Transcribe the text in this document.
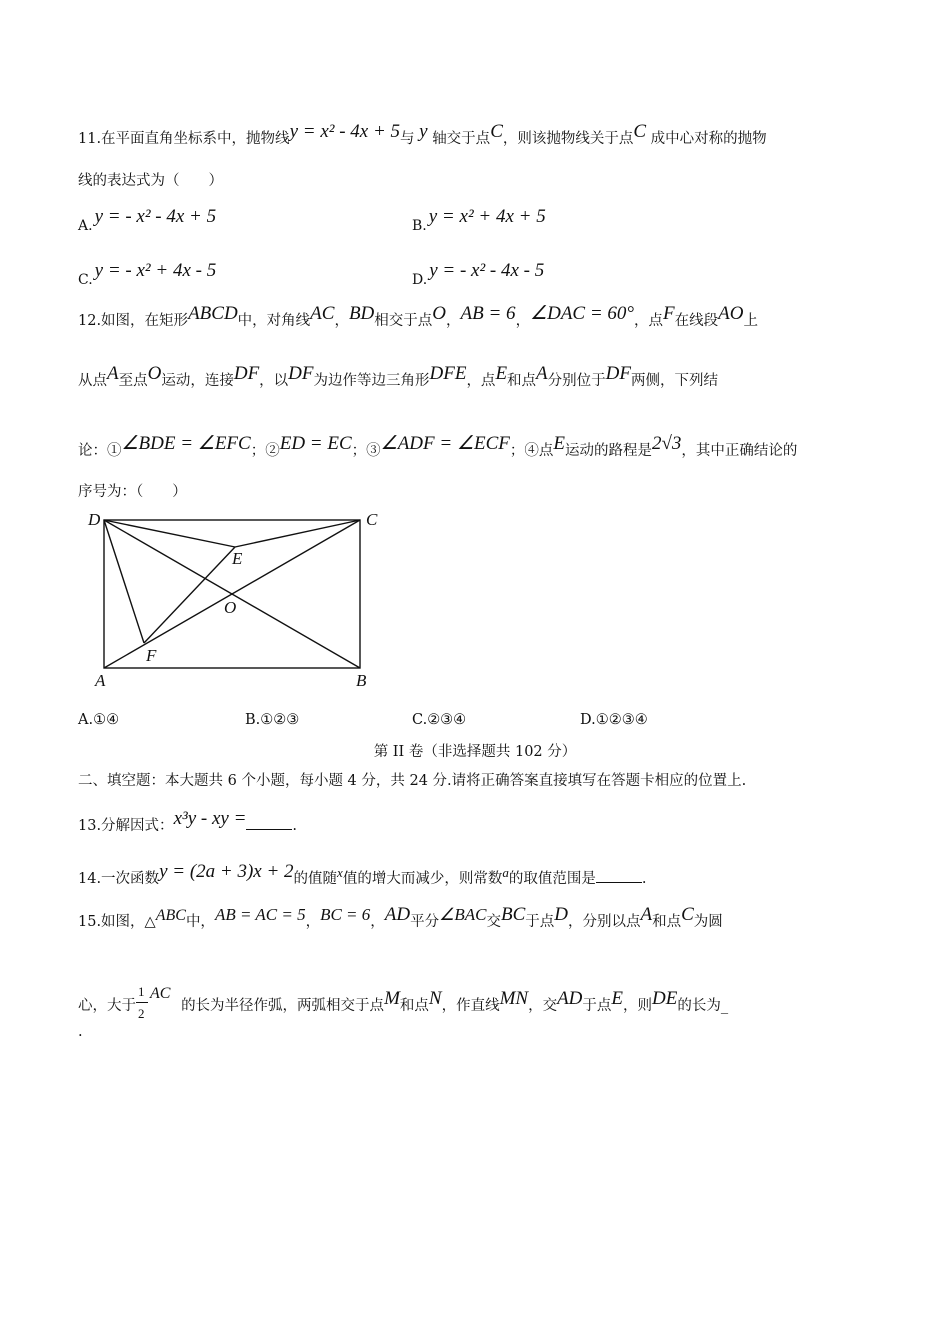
11.在平面直角坐标系中，抛物线y = x² - 4x + 5与 y 轴交于点C，则该抛物线关于点C 成中心对称的抛物
线的表达式为（　　）
A. y = - x² - 4x + 5	B. y = x² + 4x + 5
C. y = - x² + 4x - 5	D. y = - x² - 4x - 5
12.如图，在矩形ABCD中，对角线AC，BD相交于点O，AB = 6，∠DAC = 60°，点F在线段AO上
从点A至点O运动，连接DF，以DF为边作等边三角形DFE，点E和点A分别位于DF两侧，下列结
论：①∠BDE = ∠EFC；②ED = EC；③∠ADF = ∠ECF；④点E运动的路程是2√3，其中正确结论的
序号为：（　　）
D	C
E
O
F
A	B
A.①④	B.①②③	C.②③④	D.①②③④
第 II 卷（非选择题共 102 分）
二、填空题：本大题共 6 个小题，每小题 4 分，共 24 分.请将正确答案直接填写在答题卡相应的位置上.
13.分解因式：x³y - xy =	.
14.一次函数y = (2a + 3)x + 2的值随x值的增大而减少，则常数a的取值范围是	.
15.如图，△ABC中，AB = AC = 5，BC = 6，AD平分∠BAC交BC于点D，分别以点A和点C为圆
心，大于 $\frac{1}{2}$ AC 的长为半径作弧，两弧相交于点M和点N，作直线MN，交AD于点E，则DE的长为_
.
